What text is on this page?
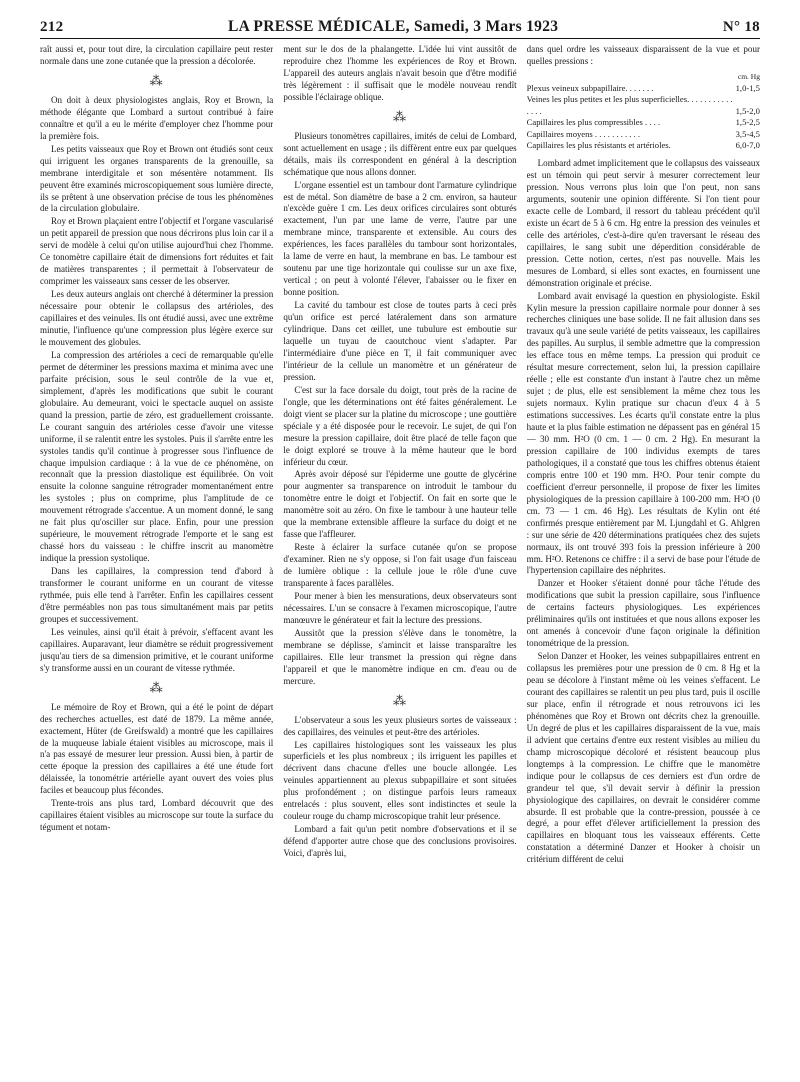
212	LA PRESSE MÉDICALE, Samedi, 3 Mars 1923	N° 18

raît aussi et, pour tout dire, la circulation capillaire peut rester normale dans une zone cutanée que la pression a décolorée.

⁂

On doit à deux physiologistes anglais, Roy et Brown, la méthode élégante que Lombard a surtout contribué à faire connaître et qu'il a eu le mérite d'employer chez l'homme pour la première fois.

Les petits vaisseaux que Roy et Brown ont étudiés sont ceux qui irriguent les organes transparents de la grenouille, sa membrane interdigitale et son mésentère notamment. Ils peuvent être examinés microscopiquement sous lumière directe, ils se prêtent à une observation précise de tous les phénomènes de la circulation globulaire.

Roy et Brown plaçaient entre l'objectif et l'organe vascularisé un petit appareil de pression que nous décrirons plus loin car il a servi de modèle à celui qu'on utilise aujourd'hui chez l'homme. Ce tonomètre capillaire était de dimensions fort réduites et fait de matières transparentes ; il permettait à l'observateur de comprimer les vaisseaux sans cesser de les observer.

Les deux auteurs anglais ont cherché à déterminer la pression nécessaire pour obtenir le collapsus des artérioles, des capillaires et des veinules. Ils ont étudié aussi, avec une extrême minutie, l'influence qu'une compression plus légère exerce sur le mouvement des globules.

La compression des artérioles a ceci de remarquable qu'elle permet de déterminer les pressions maxima et minima avec une parfaite précision, sous le seul contrôle de la vue et, simplement, d'après les modifications que subit le courant globulaire. Au demeurant, voici le spectacle auquel on assiste quand la pression, partie de zéro, est graduellement croissante. Le courant sanguin des artérioles cesse d'avoir une vitesse uniforme, il se ralentit entre les systoles. Puis il s'arrête entre les systoles tandis qu'il continue à progresser sous l'influence de chaque impulsion cardiaque : à la vue de ce phénomène, on reconnaît que la pression diastolique est équilibrée. On voit ensuite la colonne sanguine rétrograder momentanément entre les systoles ; plus on comprime, plus l'amplitude de ce mouvement rétrograde s'accentue. A un moment donné, le sang ne fait plus qu'osciller sur place. Enfin, pour une pression supérieure, le mouvement rétrograde l'emporte et le sang est chassé hors du vaisseau : le chiffre inscrit au manomètre indique la pression systolique.

Dans les capillaires, la compression tend d'abord à transformer le courant uniforme en un courant de vitesse rythmée, puis elle tend à l'arrêter. Enfin les capillaires cessent d'être perméables non pas tous simultanément mais par petits groupes et successivement.

Les veinules, ainsi qu'il était à prévoir, s'effacent avant les capillaires. Auparavant, leur diamètre se réduit progressivement jusqu'au tiers de sa dimension primitive, et le courant uniforme s'y transforme aussi en un courant de vitesse rythmée.

⁂

Le mémoire de Roy et Brown, qui a été le point de départ des recherches actuelles, est daté de 1879. La même année, exactement, Hüter (de Greifswald) a montré que les capillaires de la muqueuse labiale étaient visibles au microscope, mais il n'a pas essayé de mesurer leur pression. Aussi bien, à partir de cette époque la pression des capillaires a été une étude fort délaissée, la tonométrie artérielle ayant ouvert des voies plus faciles et beaucoup plus fécondes.

Trente-trois ans plus tard, Lombard découvrit que des capillaires étaient visibles au microscope sur toute la surface du tégument et notam-

ment sur le dos de la phalangette. L'idée lui vint aussitôt de reproduire chez l'homme les expériences de Roy et Brown. L'appareil des auteurs anglais n'avait besoin que d'être modifié très légèrement : il suffisait que le modèle nouveau rendît possible l'éclairage oblique.

⁂

Plusieurs tonomètres capillaires, imités de celui de Lombard, sont actuellement en usage ; ils diffèrent entre eux par quelques détails, mais ils correspondent en général à la description schématique que nous allons donner.

L'organe essentiel est un tambour dont l'armature cylindrique est de métal. Son diamètre de base a 2 cm. environ, sa hauteur n'excède guère 1 cm. Les deux orifices circulaires sont obturés exactement, l'un par une lame de verre, l'autre par une membrane mince, transparente et extensible. Au cours des expériences, les faces parallèles du tambour sont horizontales, la lame de verre en haut, la membrane en bas. Le tambour est soutenu par une tige horizontale qui coulisse sur un axe fixe, vertical ; on peut à volonté l'élever, l'abaisser ou le fixer en bonne position.

La cavité du tambour est close de toutes parts à ceci près qu'un orifice est percé latéralement dans son armature cylindrique. Dans cet œillet, une tubulure est emboutie sur laquelle un tuyau de caoutchouc vient s'adapter. Par l'intermédiaire d'une pièce en T, il fait communiquer avec l'intérieur de la cellule un manomètre et un générateur de pression.

C'est sur la face dorsale du doigt, tout près de la racine de l'ongle, que les déterminations ont été faites généralement. Le doigt vient se placer sur la platine du microscope ; une gouttière spéciale y a été disposée pour le recevoir. Le sujet, de qui l'on mesure la pression capillaire, doit être placé de telle façon que le doigt exploré se trouve à la même hauteur que le bord inférieur du cœur.

Après avoir déposé sur l'épiderme une goutte de glycérine pour augmenter sa transparence on introduit le tambour du tonomètre entre le doigt et l'objectif. On fait en sorte que le manomètre soit au zéro. On fixe le tambour à une hauteur telle que la membrane extensible affleure la surface du doigt et ne fasse que l'affleurer.

Reste à éclairer la surface cutanée qu'on se propose d'examiner. Rien ne s'y oppose, si l'on fait usage d'un faisceau de lumière oblique : la cellule joue le rôle d'une cuve transparente à faces parallèles.

Pour mener à bien les mensurations, deux observateurs sont nécessaires. L'un se consacre à l'examen microscopique, l'autre manœuvre le générateur et fait la lecture des pressions.

Aussitôt que la pression s'élève dans le tonomètre, la membrane se déplisse, s'amincit et laisse transparaître les capillaires. Elle leur transmet la pression qui règne dans l'appareil et que le manomètre indique en cm. d'eau ou de mercure.

⁂

L'observateur a sous les yeux plusieurs sortes de vaisseaux : des capillaires, des veinules et peut-être des artérioles.

Les capillaires histologiques sont les vaisseaux les plus superficiels et les plus nombreux ; ils irriguent les papilles et décrivent dans chacune d'elles une boucle allongée. Les veinules appartiennent au plexus subpapillaire et sont situées plus profondément ; on distingue parfois leurs rameaux entrelacés : plus souvent, elles sont indistinctes et seule la couleur rouge du champ microscopique trahit leur présence.

Lombard a fait qu'un petit nombre d'observations et il se défend d'apporter autre chose que des conclusions provisoires. Voici, d'après lui,

dans quel ordre les vaisseaux disparaissent de la vue et pour quelles pressions :

	cm. Hg
Plexus veineux subpapillaire. . . . . . .	1,0-1,5
Veines les plus petites et les plus superficielles. . . . . . . . . . . . . . .	1,5-2,0
Capillaires les plus compressibles . . . .	1,5-2,5
Capillaires moyens . . . . . . . . . . .	3,5-4,5
Capillaires les plus résistants et artérioles.	6,0-7,0

Lombard admet implicitement que le collapsus des vaisseaux est un témoin qui peut servir à mesurer correctement leur pression. Nous verrons plus loin que l'on peut, non sans arguments, soutenir une opinion différente. Si l'on tient pour exacte celle de Lombard, il ressort du tableau précédent qu'il existe un écart de 5 à 6 cm. Hg entre la pression des veinules et celle des artérioles, c'est-à-dire qu'en traversant le réseau des capillaires, le sang subit une déperdition considérable de pression. Cette notion, certes, n'est pas nouvelle. Mais les mesures de Lombard, si elles sont exactes, en fournissent une démonstration originale et précise.

Lombard avait envisagé la question en physiologiste. Eskil Kylin mesure la pression capillaire normale pour donner à ses recherches cliniques une base solide. Il ne fait allusion dans ses travaux qu'à une seule variété de petits vaisseaux, les capillaires des papilles. Au surplus, il semble admettre que la compression les efface tous en même temps. La pression qui produit ce résultat mesure correctement, selon lui, la pression capillaire réelle ; elle est constante d'un instant à l'autre chez un même sujet ; de plus, elle est sensiblement la même chez tous les sujets normaux. Kylin pratique sur chacun d'eux 4 à 5 estimations successives. Les écarts qu'il constate entre la plus haute et la plus faible estimation ne dépassent pas en général 15 — 30 mm. H²O (0 cm. 1 — 0 cm. 2 Hg). En mesurant la pression capillaire de 100 individus exempts de tares pathologiques, il a constaté que tous les chiffres obtenus étaient compris entre 100 et 190 mm. H²O. Pour tenir compte du coefficient d'erreur personnelle, il propose de fixer les limites physiologiques de la pression capillaire à 100-200 mm. H²O (0 cm. 73 — 1 cm. 46 Hg). Les résultats de Kylin ont été confirmés presque entièrement par M. Ljungdahl et G. Ahlgren : sur une série de 420 déterminations pratiquées chez des sujets normaux, ils ont trouvé 393 fois la pression inférieure à 200 mm. H²O. Retenons ce chiffre : il a servi de base pour l'étude de l'hypertension capillaire des néphrites.

Danzer et Hooker s'étaient donné pour tâche l'étude des modifications que subit la pression capillaire, sous l'influence de certains facteurs physiologiques. Les expériences préliminaires qu'ils ont instituées et que nous allons exposer les ont amenés à concevoir d'une façon originale la définition tonométrique de la pression.

Selon Danzer et Hooker, les veines subpapillaires entrent en collapsus les premières pour une pression de 0 cm. 8 Hg et la peau se décolore à l'instant même où les veines s'effacent. Le courant des capillaires se ralentit un peu plus tard, puis il oscille sur place, enfin il rétrograde et nous retrouvons ici les phénomènes que Roy et Brown ont décrits chez la grenouille. Un degré de plus et les capillaires disparaissent de la vue, mais il advient que certains d'entre eux restent visibles au milieu du champ microscopique décoloré et résistent beaucoup plus longtemps à la compression. Le chiffre que le manomètre indique pour le collapsus de ces derniers est d'un ordre de grandeur tel que, s'il devait servir à définir la pression physiologique des capillaires, on devrait le considérer comme absurde. Il est probable que la contre-pression, poussée à ce degré, a pour effet d'élever artificiellement la pression des capillaires en bloquant tous les vaisseaux efférents. Cette constatation a déterminé Danzer et Hooker à choisir un critérium différent de celui
